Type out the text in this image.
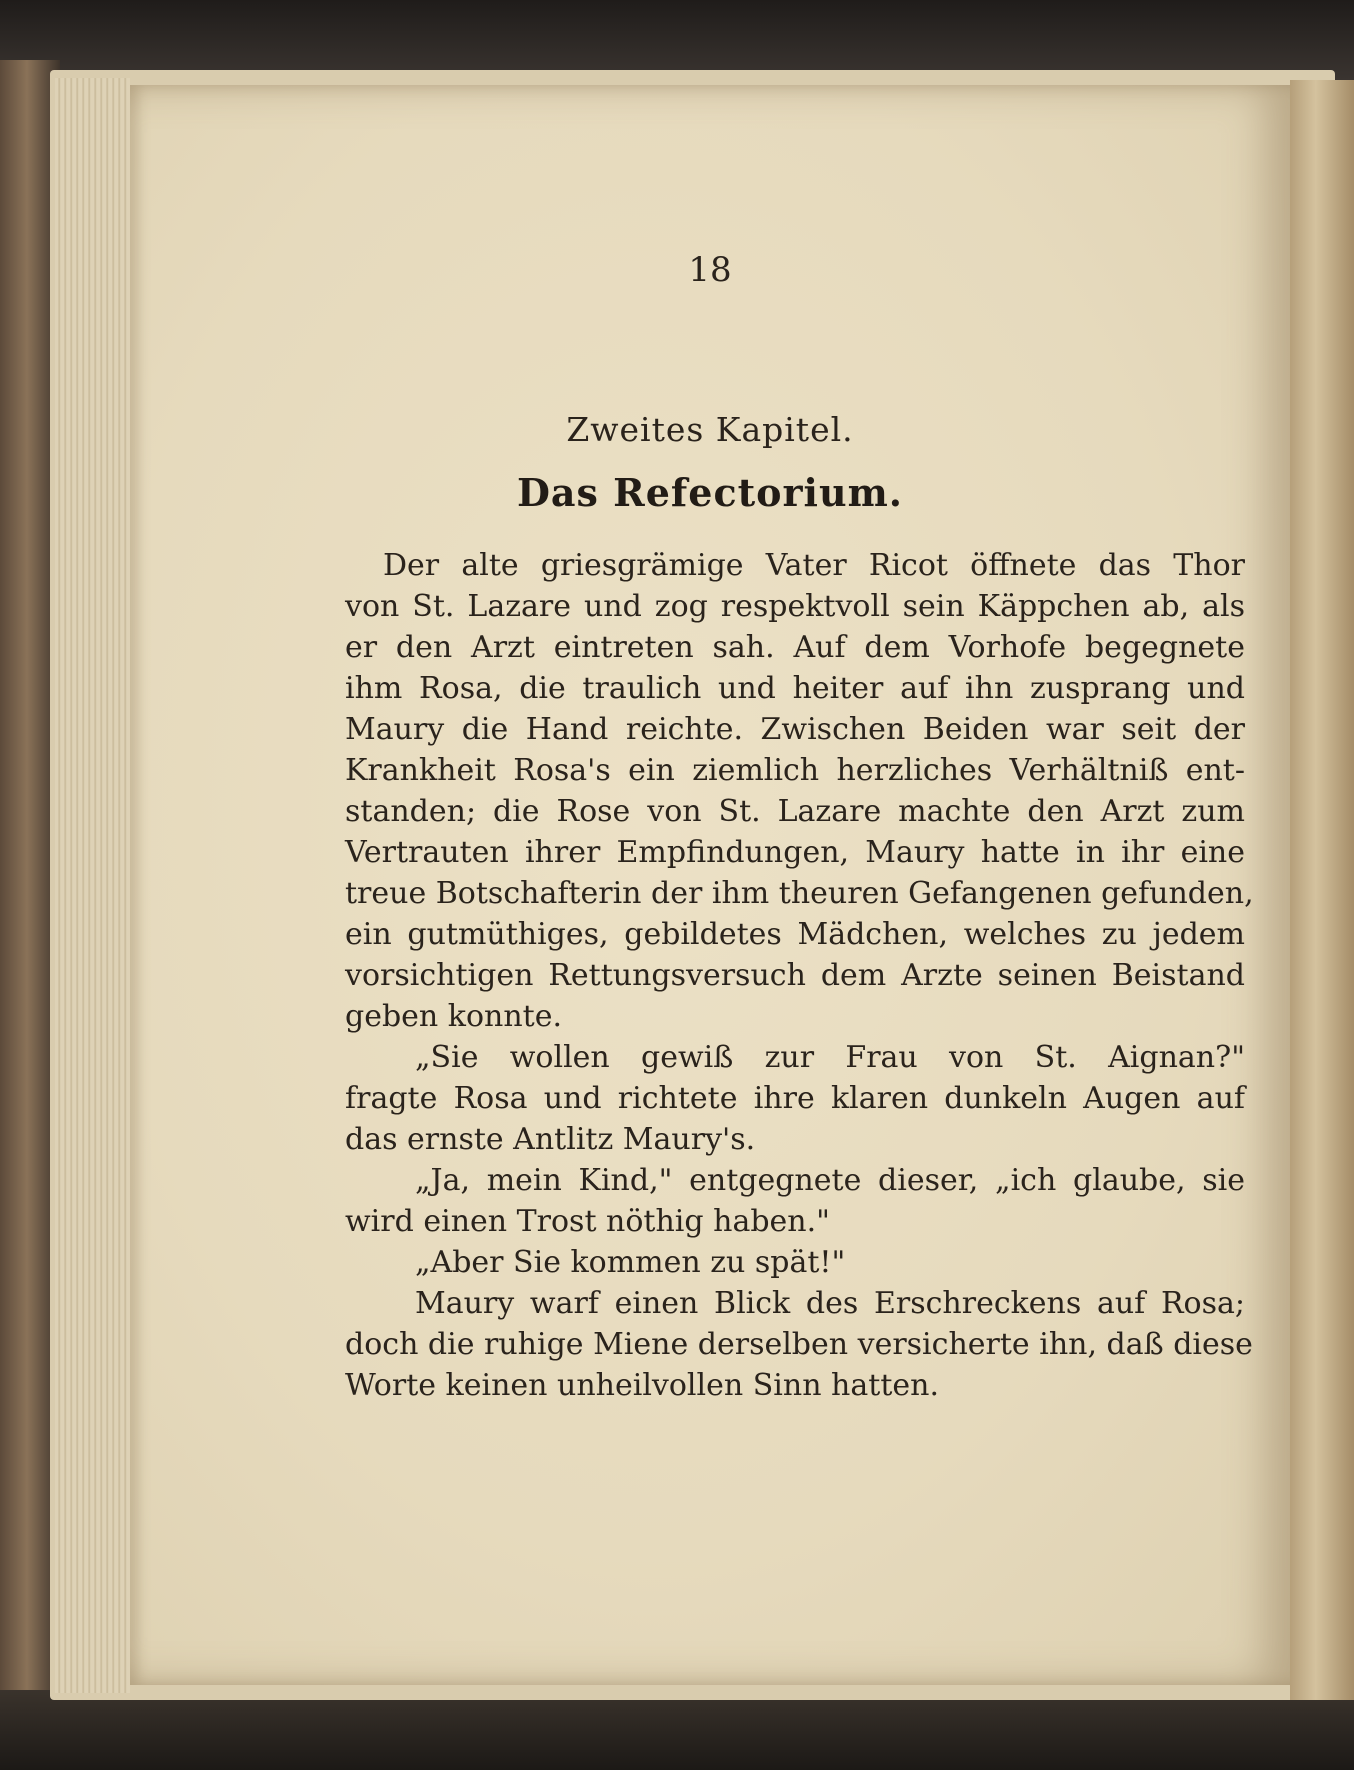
18
Zweites Kapitel.
Das Refectorium.
Der alte griesgrämige Vater Ricot öffnete das Thor
von St. Lazare und zog respektvoll sein Käppchen ab, als
er den Arzt eintreten sah. Auf dem Vorhofe begegnete
ihm Rosa, die traulich und heiter auf ihn zusprang und
Maury die Hand reichte. Zwischen Beiden war seit der
Krankheit Rosa's ein ziemlich herzliches Verhältniß ent-
standen; die Rose von St. Lazare machte den Arzt zum
Vertrauten ihrer Empfindungen, Maury hatte in ihr eine
treue Botschafterin der ihm theuren Gefangenen gefunden,
ein gutmüthiges, gebildetes Mädchen, welches zu jedem
vorsichtigen Rettungsversuch dem Arzte seinen Beistand
geben konnte.
„Sie wollen gewiß zur Frau von St. Aignan?"
fragte Rosa und richtete ihre klaren dunkeln Augen auf
das ernste Antlitz Maury's.
„Ja, mein Kind," entgegnete dieser, „ich glaube, sie
wird einen Trost nöthig haben."
„Aber Sie kommen zu spät!"
Maury warf einen Blick des Erschreckens auf Rosa;
doch die ruhige Miene derselben versicherte ihn, daß diese
Worte keinen unheilvollen Sinn hatten.
